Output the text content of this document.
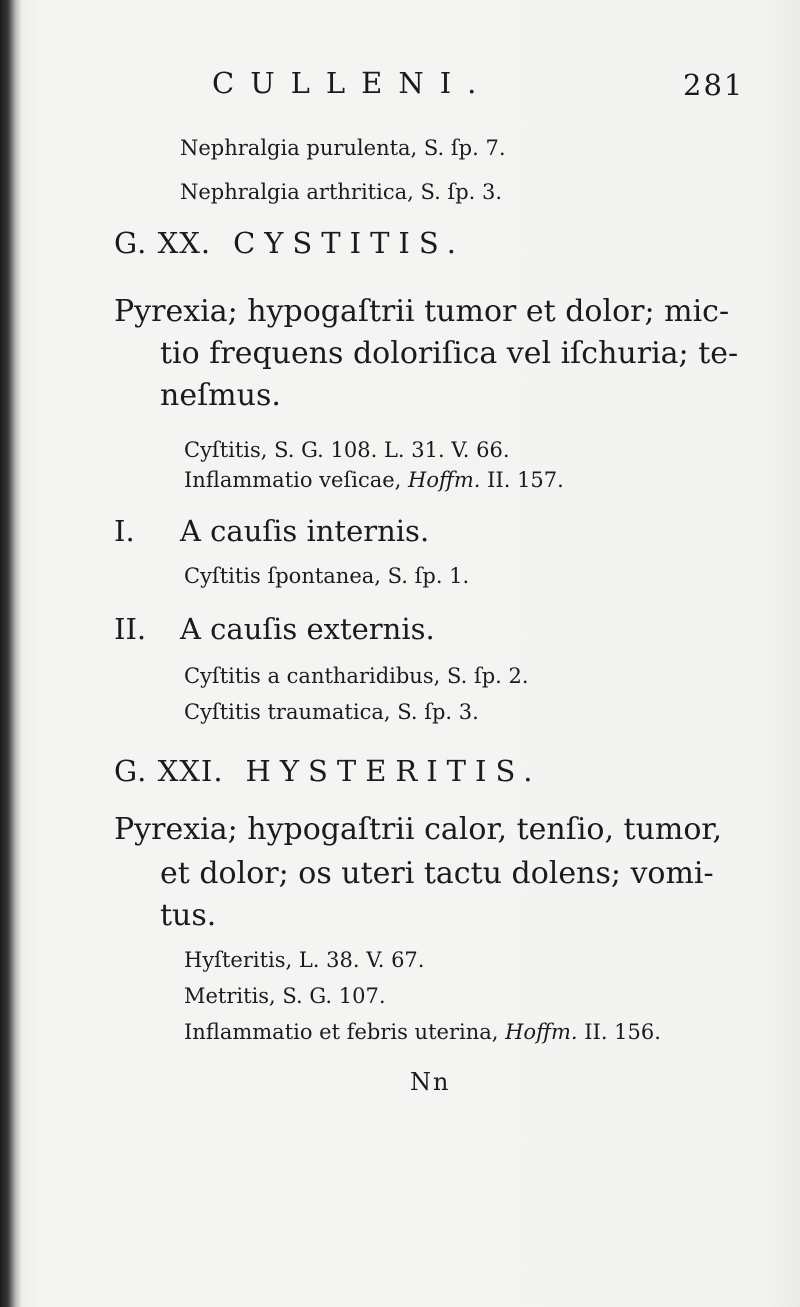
CULLENI.	281
Nephralgia purulenta, S. ſp. 7.
Nephralgia arthritica, S. ſp. 3.
G. XX. CYSTITIS.
Pyrexia; hypogaſtrii tumor et dolor; mic-
tio frequens doloriſica vel iſchuria; te-
neſmus.
Cyſtitis, S. G. 108. L. 31. V. 66.
Inflammatio veſicae, Hoffm. II. 157.
I. A cauſis internis.
Cyſtitis ſpontanea, S. ſp. 1.
II. A cauſis externis.
Cyſtitis a cantharidibus, S. ſp. 2.
Cyſtitis traumatica, S. ſp. 3.
G. XXI. HYSTERITIS.
Pyrexia; hypogaſtrii calor, tenſio, tumor,
et dolor; os uteri tactu dolens; vomi-
tus.
Hyſteritis, L. 38. V. 67.
Metritis, S. G. 107.
Inflammatio et febris uterina, Hoffm. II. 156.
Nn
